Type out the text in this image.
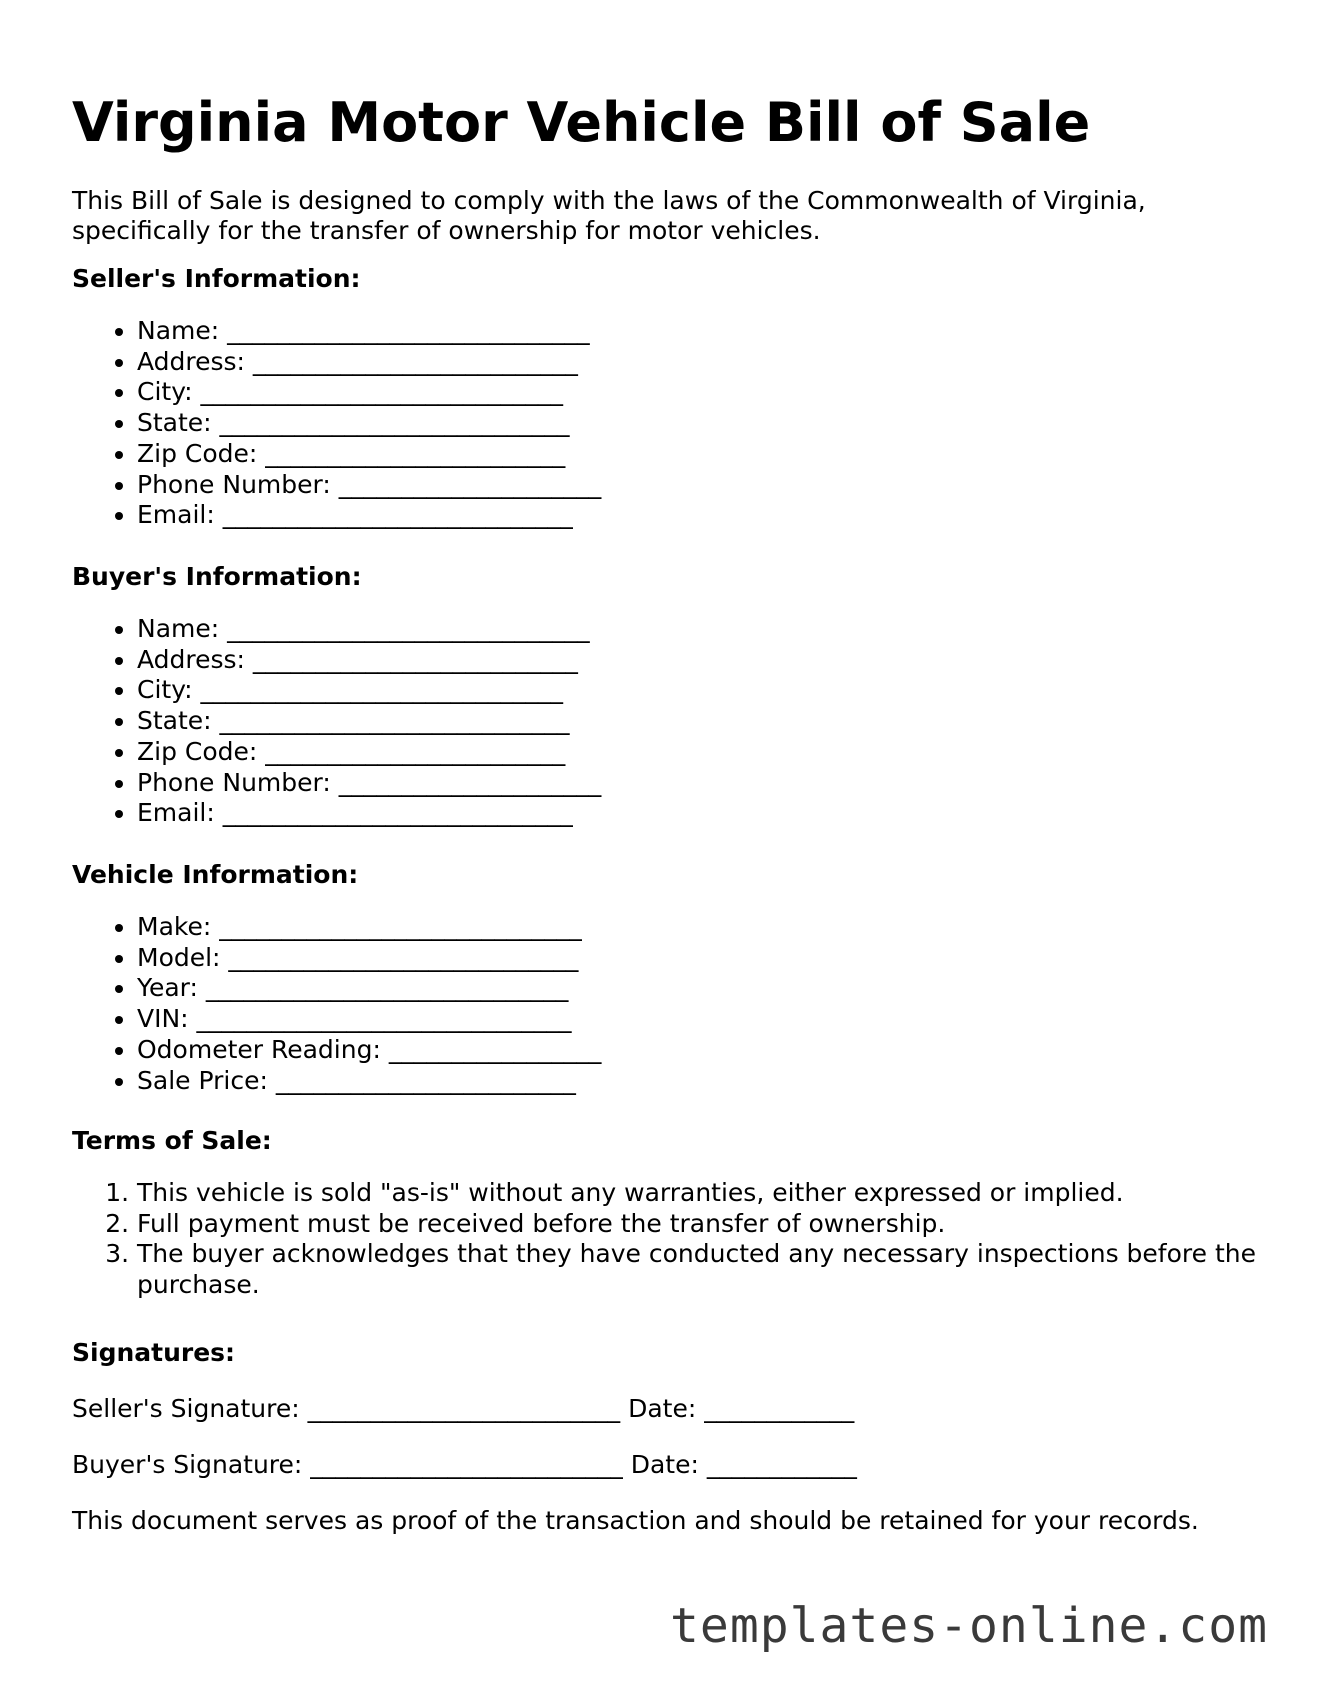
Virginia Motor Vehicle Bill of Sale

This Bill of Sale is designed to comply with the laws of the Commonwealth of Virginia, specifically for the transfer of ownership for motor vehicles.

Seller's Information:

• Name: _____________________________
• Address: __________________________
• City: _____________________________
• State: ____________________________
• Zip Code: ________________________
• Phone Number: _____________________
• Email: ____________________________

Buyer's Information:

• Name: _____________________________
• Address: __________________________
• City: _____________________________
• State: ____________________________
• Zip Code: ________________________
• Phone Number: _____________________
• Email: ____________________________

Vehicle Information:

• Make: _____________________________
• Model: ____________________________
• Year: _____________________________
• VIN: ______________________________
• Odometer Reading: _________________
• Sale Price: ________________________

Terms of Sale:

1. This vehicle is sold "as-is" without any warranties, either expressed or implied.
2. Full payment must be received before the transfer of ownership.
3. The buyer acknowledges that they have conducted any necessary inspections before the purchase.

Signatures:

Seller's Signature: _________________________ Date: ____________

Buyer's Signature: _________________________ Date: ____________

This document serves as proof of the transaction and should be retained for your records.

templates-online.com
